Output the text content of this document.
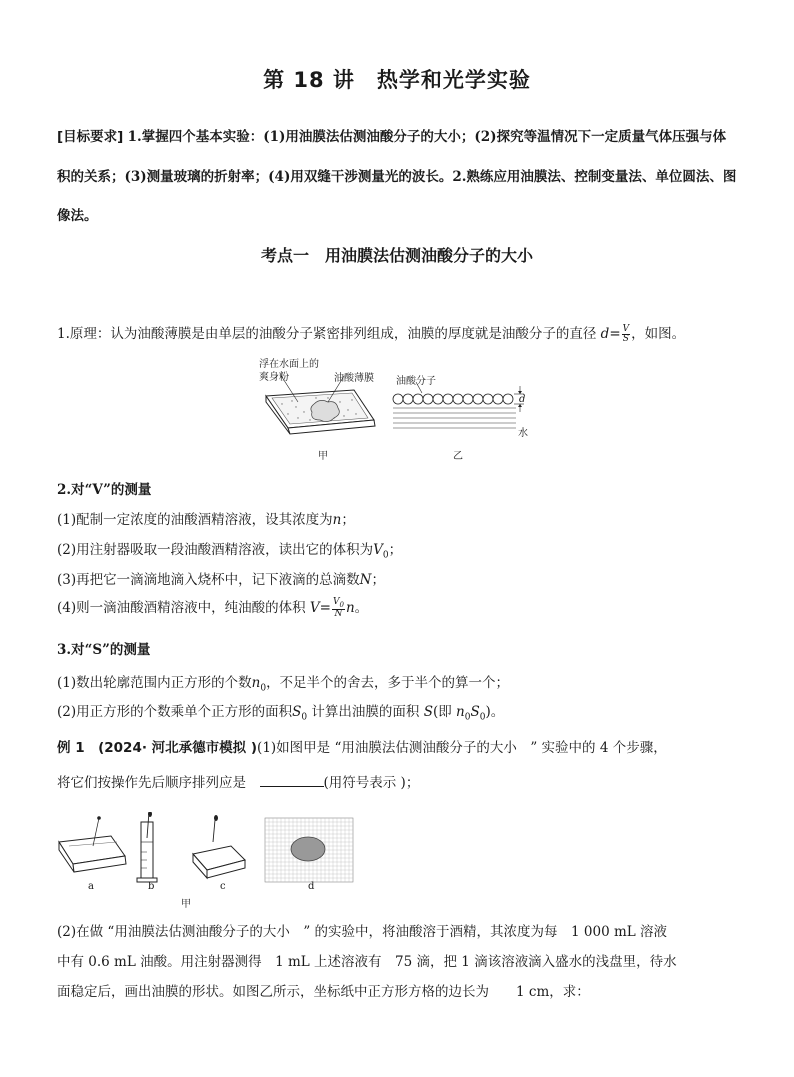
第 18 讲　热学和光学实验
[目标要求] 1.掌握四个基本实验：(1)用油膜法估测油酸分子的大小；(2)探究等温情况下一定质量气体压强与体
积的关系；(3)测量玻璃的折射率；(4)用双缝干涉测量光的波长。2.熟练应用油膜法、控制变量法、单位圆法、图
像法。
考点一　用油膜法估测油酸分子的大小
1.原理：认为油酸薄膜是由单层的油酸分子紧密排列组成，油膜的厚度就是油酸分子的直径 $d= \frac{V}{S}$ ，如图。
浮在水面上的
爽身粉	油酸薄膜 油酸分子
d
水
甲	乙
2.对“V”的测量
(1)配制一定浓度的油酸酒精溶液，设其浓度为n；
(2)用注射器吸取一段油酸酒精溶液，读出它的体积为$V_0$；
(3)再把它一滴滴地滴入烧杯中，记下液滴的总滴数N；
(4)则一滴油酸酒精溶液中，纯油酸的体积 $V= \frac{V_0}{N}$ n。
3.对“S”的测量
(1)数出轮廓范围内正方形的个数$n_0$，不足半个的舍去，多于半个的算一个；
(2)用正方形的个数乘单个正方形的面积$S_0$ 计算出油膜的面积 S(即 $n_0S_0$)。
例 1　 (2024· 河北承德市模拟 )(1)如图甲是 “用油膜法估测油酸分子的大小　” 实验中的 4 个步骤，
将它们按操作先后顺序排列应是　	(用符号表示 )；
a	b	c	d
甲
(2)在做 “用油膜法估测油酸分子的大小　” 的实验中，将油酸溶于酒精，其浓度为每　1 000 mL 溶液
中有 0.6 mL 油酸。用注射器测得　1 mL 上述溶液有　75 滴，把 1 滴该溶液滴入盛水的浅盘里，待水
面稳定后，画出油膜的形状。如图乙所示，坐标纸中正方形方格的边长为　　1 cm，求：
